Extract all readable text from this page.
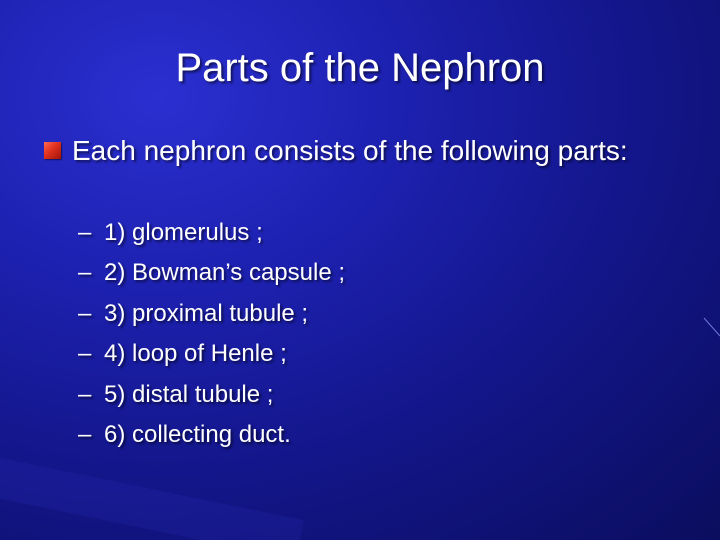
Parts of the Nephron
Each nephron consists of the following parts:
– 1) glomerulus ;
– 2) Bowman’s capsule ;
– 3) proximal tubule ;
– 4) loop of Henle ;
– 5) distal tubule ;
– 6) collecting duct.
